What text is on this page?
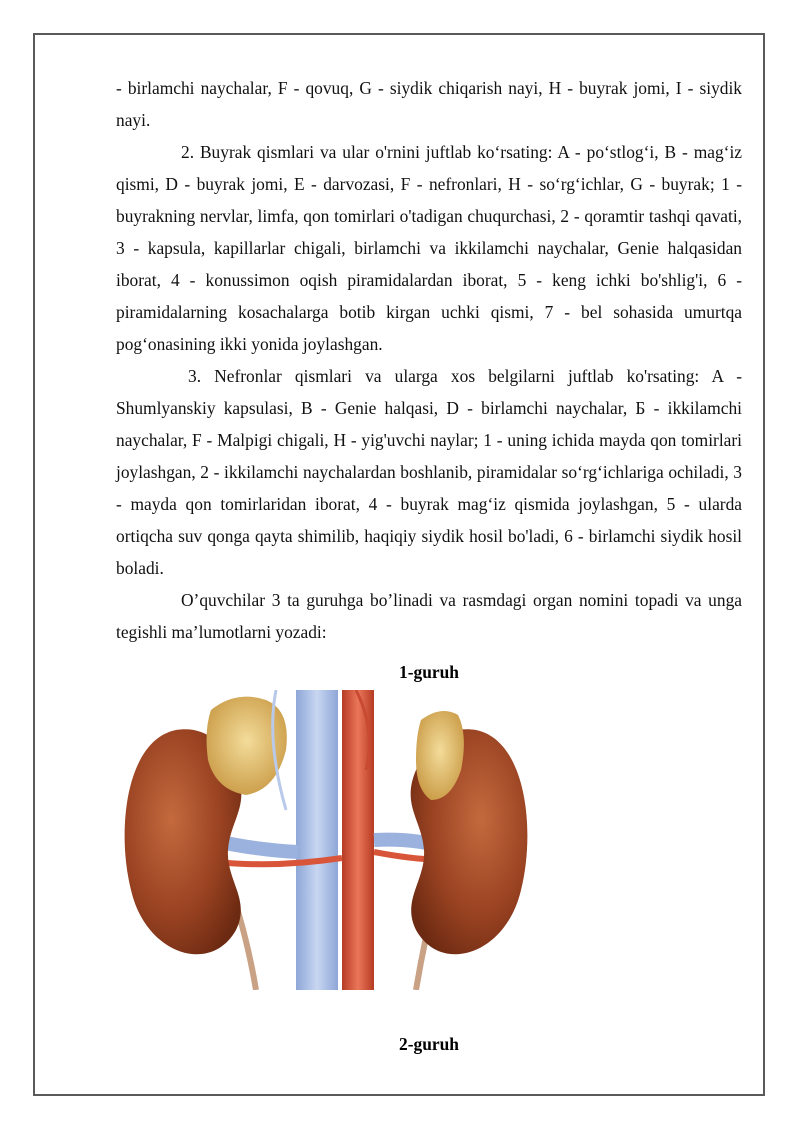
- birlamchi naychalar, F - qovuq, G - siydik chiqarish nayi, H - buyrak jomi, I - siydik nayi.

2. Buyrak qismlari va ular o'rnini juftlab ko‘rsating: A - po‘stlog‘i, B - mag‘iz qismi, D - buyrak jomi, E - darvozasi, F - nefronlari, H - so‘rg‘ichlar, G - buyrak; 1 - buyrakning nervlar, limfa, qon tomirlari o'tadigan chuqurchasi, 2 - qoramtir tashqi qavati, 3 - kapsula, kapillarlar chigali, birlamchi va ikkilamchi naychalar, Genie halqasidan iborat, 4 - konussimon oqish piramidalardan iborat, 5 - keng ichki bo'shlig'i, 6 - piramidalarning kosachalarga botib kirgan uchki qismi, 7 - bel sohasida umurtqa pog‘onasining ikki yonida joylashgan.

3. Nefronlar qismlari va ularga xos belgilarni juftlab ko'rsating: A - Shumlyanskiy kapsulasi, B - Genie halqasi, D - birlamchi naychalar, Б - ikkilamchi naychalar, F - Malpigi chigali, H - yig'uvchi naylar; 1 - uning ichida mayda qon tomirlari joylashgan, 2 - ikkilamchi naychalardan boshlanib, piramidalar so‘rg‘ichlariga ochiladi, 3 - mayda qon tomirlaridan iborat, 4 - buyrak mag‘iz qismida joylashgan, 5 - ularda ortiqcha suv qonga qayta shimilib, haqiqiy siydik hosil bo'ladi, 6 - birlamchi siydik hosil boladi.

O’quvchilar 3 ta guruhga bo’linadi va rasmdagi organ nomini topadi va unga tegishli ma’lumotlarni yozadi:

1-guruh

2-guruh
